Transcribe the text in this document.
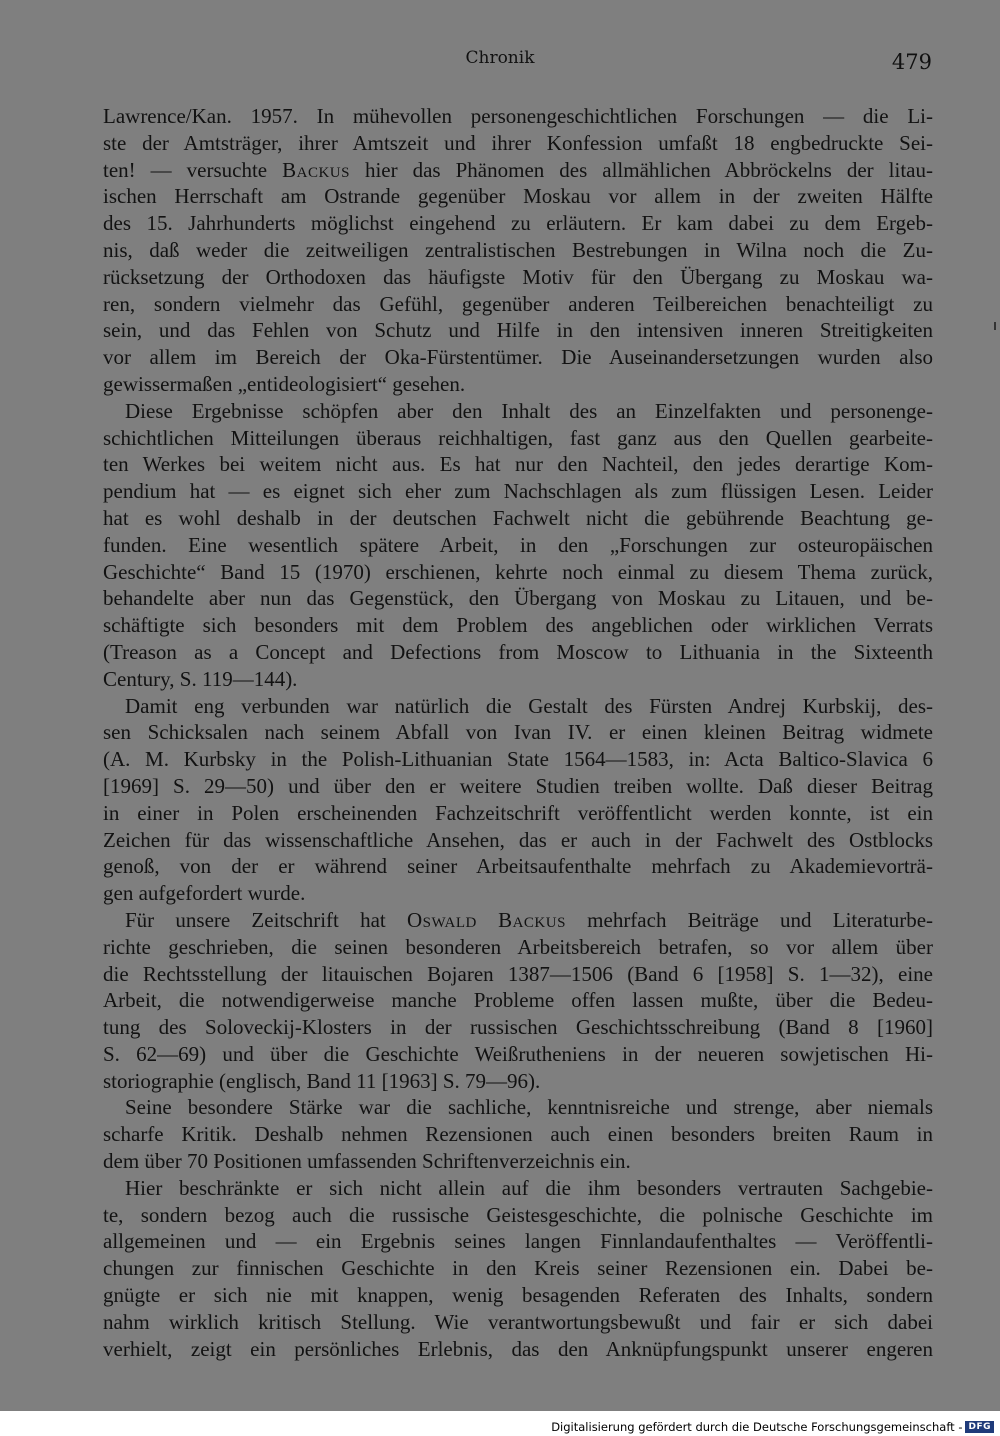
Chronik	479
Lawrence/Kan. 1957. In mühevollen personengeschichtlichen Forschungen — die Li-
ste der Amtsträger, ihrer Amtszeit und ihrer Konfession umfaßt 18 engbedruckte Sei-
ten! — versuchte Backus hier das Phänomen des allmählichen Abbröckelns der litau-
ischen Herrschaft am Ostrande gegenüber Moskau vor allem in der zweiten Hälfte
des 15. Jahrhunderts möglichst eingehend zu erläutern. Er kam dabei zu dem Ergeb-
nis, daß weder die zeitweiligen zentralistischen Bestrebungen in Wilna noch die Zu-
rücksetzung der Orthodoxen das häufigste Motiv für den Übergang zu Moskau wa-
ren, sondern vielmehr das Gefühl, gegenüber anderen Teilbereichen benachteiligt zu
sein, und das Fehlen von Schutz und Hilfe in den intensiven inneren Streitigkeiten
vor allem im Bereich der Oka-Fürstentümer. Die Auseinandersetzungen wurden also
gewissermaßen „entideologisiert“ gesehen.
Diese Ergebnisse schöpfen aber den Inhalt des an Einzelfakten und personenge-
schichtlichen Mitteilungen überaus reichhaltigen, fast ganz aus den Quellen gearbeite-
ten Werkes bei weitem nicht aus. Es hat nur den Nachteil, den jedes derartige Kom-
pendium hat — es eignet sich eher zum Nachschlagen als zum flüssigen Lesen. Leider
hat es wohl deshalb in der deutschen Fachwelt nicht die gebührende Beachtung ge-
funden. Eine wesentlich spätere Arbeit, in den „Forschungen zur osteuropäischen
Geschichte“ Band 15 (1970) erschienen, kehrte noch einmal zu diesem Thema zurück,
behandelte aber nun das Gegenstück, den Übergang von Moskau zu Litauen, und be-
schäftigte sich besonders mit dem Problem des angeblichen oder wirklichen Verrats
(Treason as a Concept and Defections from Moscow to Lithuania in the Sixteenth
Century, S. 119—144).
Damit eng verbunden war natürlich die Gestalt des Fürsten Andrej Kurbskij, des-
sen Schicksalen nach seinem Abfall von Ivan IV. er einen kleinen Beitrag widmete
(A. M. Kurbsky in the Polish-Lithuanian State 1564—1583, in: Acta Baltico-Slavica 6
[1969] S. 29—50) und über den er weitere Studien treiben wollte. Daß dieser Beitrag
in einer in Polen erscheinenden Fachzeitschrift veröffentlicht werden konnte, ist ein
Zeichen für das wissenschaftliche Ansehen, das er auch in der Fachwelt des Ostblocks
genoß, von der er während seiner Arbeitsaufenthalte mehrfach zu Akademievorträ-
gen aufgefordert wurde.
Für unsere Zeitschrift hat Oswald Backus mehrfach Beiträge und Literaturbe-
richte geschrieben, die seinen besonderen Arbeitsbereich betrafen, so vor allem über
die Rechtsstellung der litauischen Bojaren 1387—1506 (Band 6 [1958] S. 1—32), eine
Arbeit, die notwendigerweise manche Probleme offen lassen mußte, über die Bedeu-
tung des Soloveckij-Klosters in der russischen Geschichtsschreibung (Band 8 [1960]
S. 62—69) und über die Geschichte Weißrutheniens in der neueren sowjetischen Hi-
storiographie (englisch, Band 11 [1963] S. 79—96).
Seine besondere Stärke war die sachliche, kenntnisreiche und strenge, aber niemals
scharfe Kritik. Deshalb nehmen Rezensionen auch einen besonders breiten Raum in
dem über 70 Positionen umfassenden Schriftenverzeichnis ein.
Hier beschränkte er sich nicht allein auf die ihm besonders vertrauten Sachgebie-
te, sondern bezog auch die russische Geistesgeschichte, die polnische Geschichte im
allgemeinen und — ein Ergebnis seines langen Finnlandaufenthaltes — Veröffentli-
chungen zur finnischen Geschichte in den Kreis seiner Rezensionen ein. Dabei be-
gnügte er sich nie mit knappen, wenig besagenden Referaten des Inhalts, sondern
nahm wirklich kritisch Stellung. Wie verantwortungsbewußt und fair er sich dabei
verhielt, zeigt ein persönliches Erlebnis, das den Anknüpfungspunkt unserer engeren
Digitalisierung gefördert durch die Deutsche Forschungsgemeinschaft - DFG
